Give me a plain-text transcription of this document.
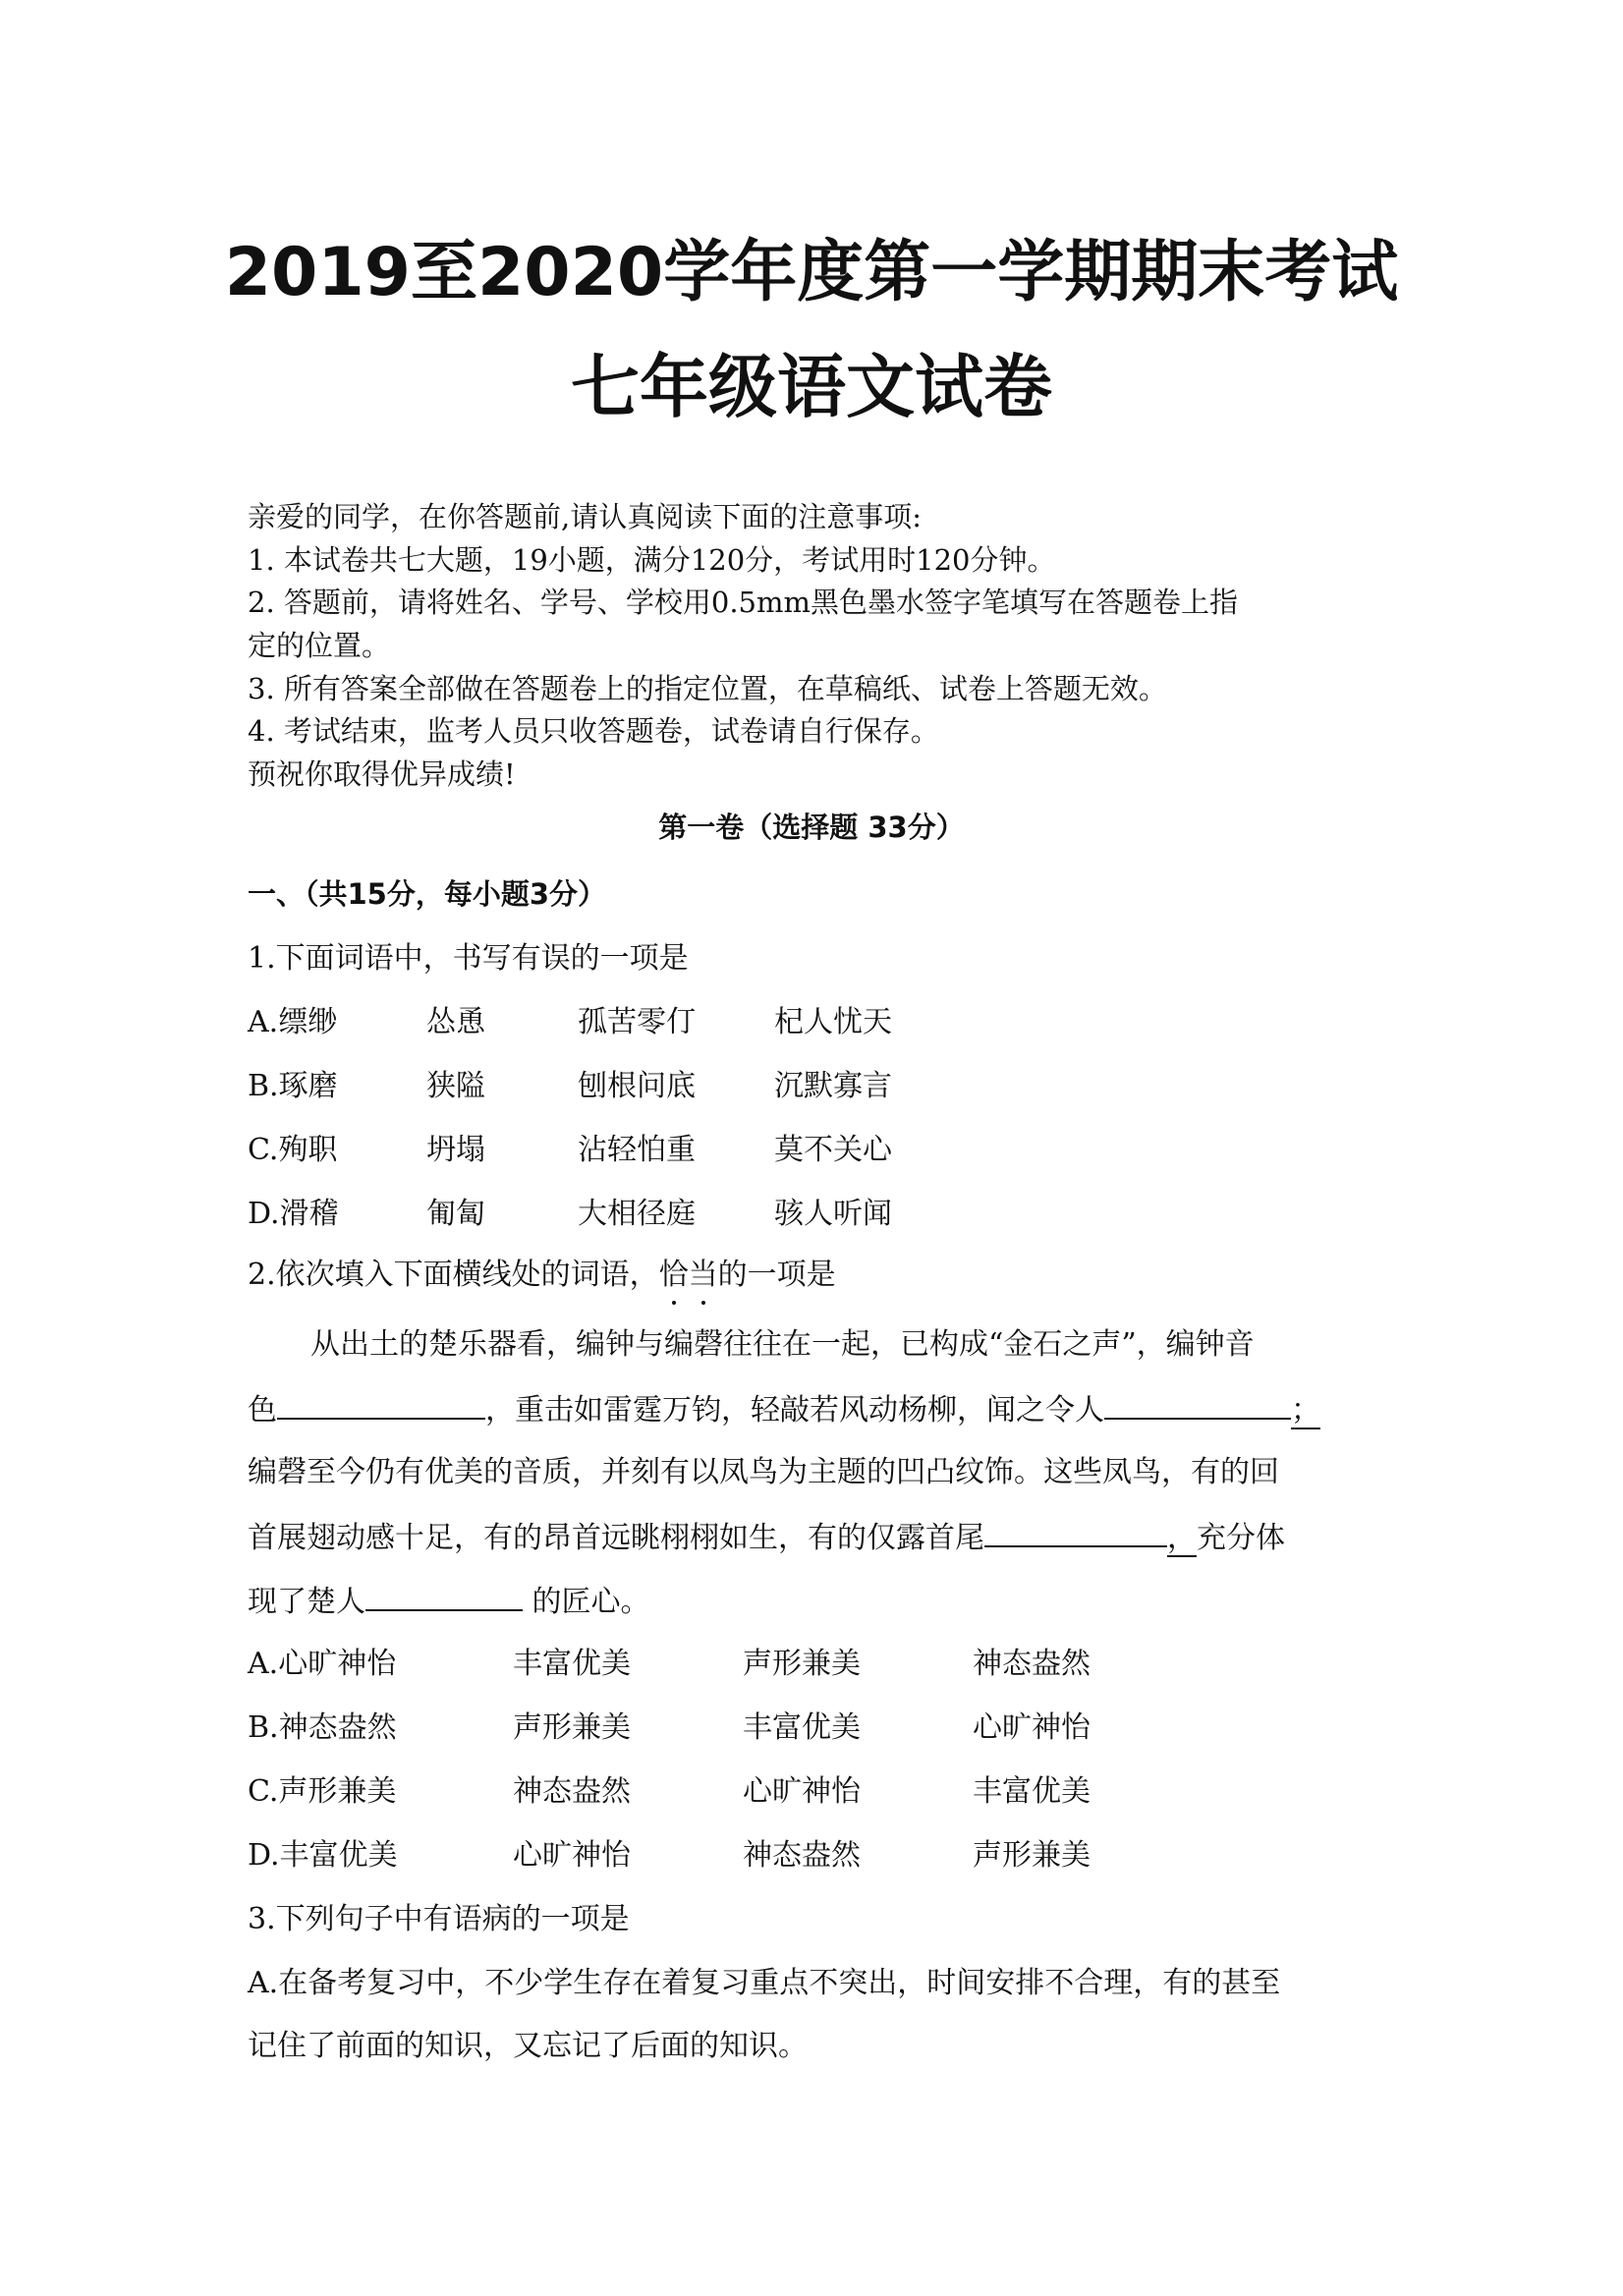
2019至2020学年度第一学期期末考试
七年级语文试卷
亲爱的同学，在你答题前,请认真阅读下面的注意事项:
1. 本试卷共七大题，19小题，满分120分，考试用时120分钟。
2. 答题前，请将姓名、学号、学校用0.5mm黑色墨水签字笔填写在答题卷上指
定的位置。
3. 所有答案全部做在答题卷上的指定位置，在草稿纸、试卷上答题无效。
4. 考试结束，监考人员只收答题卷，试卷请自行保存。
预祝你取得优异成绩!
第一卷（选择题 33分）
一、（共15分，每小题3分）
1.下面词语中，书写有误的一项是
A.缥缈	怂恿	孤苦零仃	杞人忧天
B.琢磨	狭隘	刨根问底	沉默寡言
C.殉职	坍塌	沾轻怕重	莫不关心
D.滑稽	匍匐	大相径庭	骇人听闻
2.依次填入下面横线处的词语，恰当
的一项是
从出土的楚乐器看，编钟与编磬往往在一起，已构成“金石之声”，编钟音
色	，重击如雷霆万钧，轻敲若风动杨柳，闻之令人	；
编磬至今仍有优美的音质，并刻有以凤鸟为主题的凹凸纹饰。这些凤鸟，有的回
首展翅动感十足，有的昂首远眺栩栩如生，有的仅露首尾	，充分体
现了楚人	的匠心。
A.心旷神怡	丰富优美	声形兼美	神态盎然
B.神态盎然	声形兼美	丰富优美	心旷神怡
C.声形兼美	神态盎然	心旷神怡	丰富优美
D.丰富优美	心旷神怡	神态盎然	声形兼美
3.下列句子中有语病的一项是
A.在备考复习中，不少学生存在着复习重点不突出，时间安排不合理，有的甚至
记住了前面的知识，又忘记了后面的知识。
